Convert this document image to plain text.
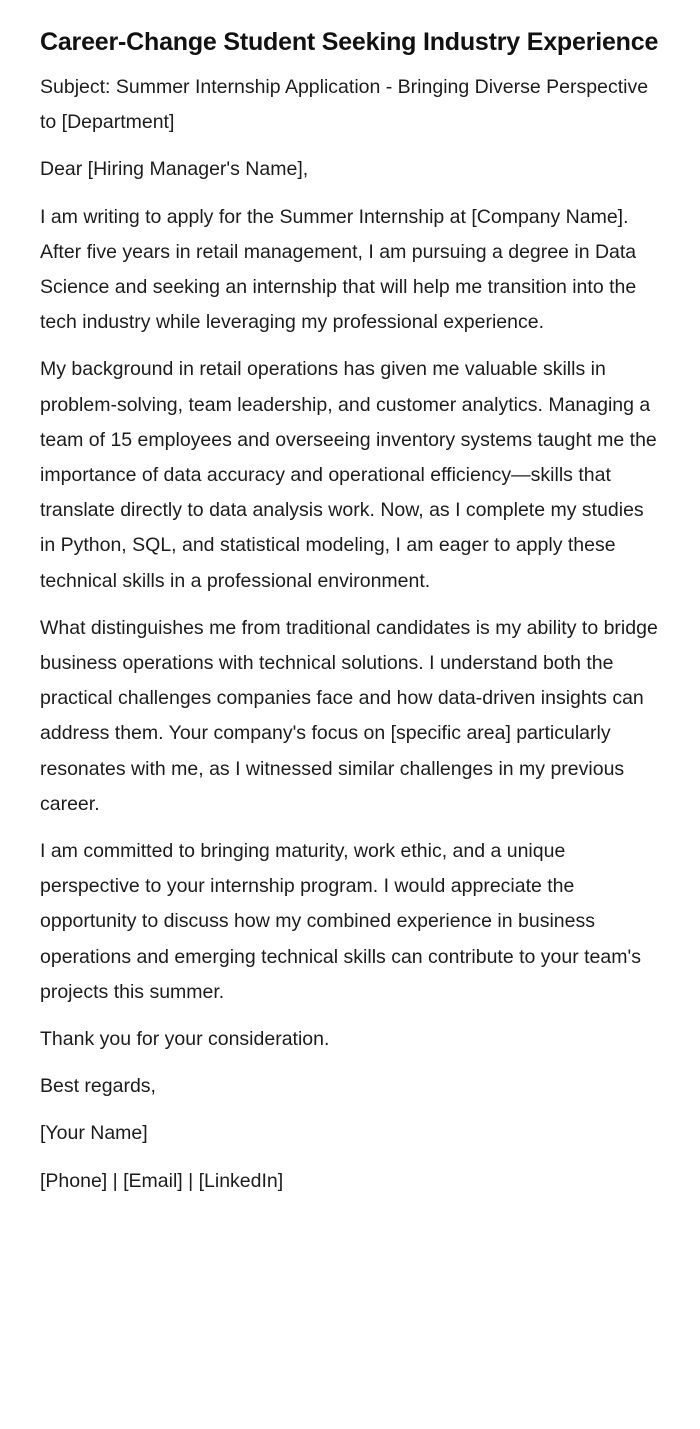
Career-Change Student Seeking Industry Experience

Subject: Summer Internship Application - Bringing Diverse Perspective to [Department]

Dear [Hiring Manager's Name],

I am writing to apply for the Summer Internship at [Company Name]. After five years in retail management, I am pursuing a degree in Data Science and seeking an internship that will help me transition into the tech industry while leveraging my professional experience.

My background in retail operations has given me valuable skills in problem-solving, team leadership, and customer analytics. Managing a team of 15 employees and overseeing inventory systems taught me the importance of data accuracy and operational efficiency—skills that translate directly to data analysis work. Now, as I complete my studies in Python, SQL, and statistical modeling, I am eager to apply these technical skills in a professional environment.

What distinguishes me from traditional candidates is my ability to bridge business operations with technical solutions. I understand both the practical challenges companies face and how data-driven insights can address them. Your company's focus on [specific area] particularly resonates with me, as I witnessed similar challenges in my previous career.

I am committed to bringing maturity, work ethic, and a unique perspective to your internship program. I would appreciate the opportunity to discuss how my combined experience in business operations and emerging technical skills can contribute to your team's projects this summer.

Thank you for your consideration.

Best regards,

[Your Name]

[Phone] | [Email] | [LinkedIn]
